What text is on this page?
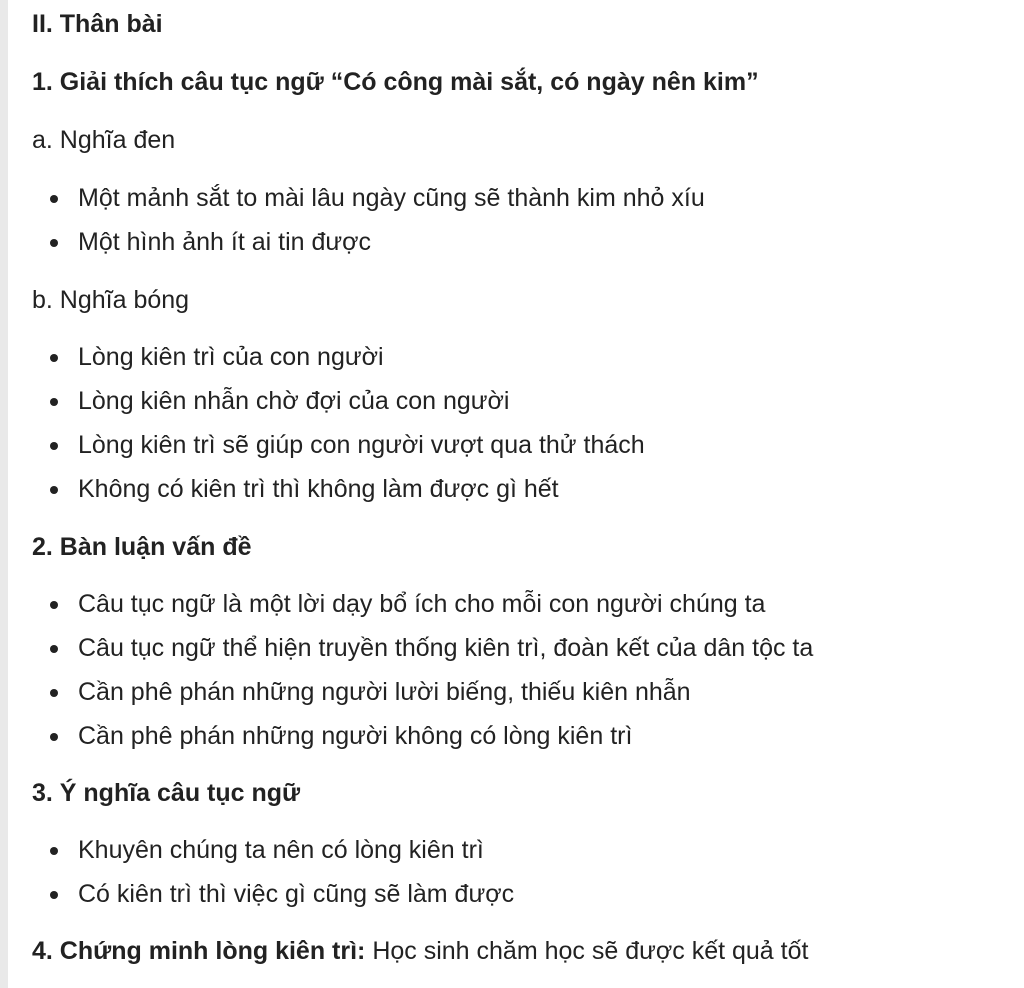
II. Thân bài
1. Giải thích câu tục ngữ “Có công mài sắt, có ngày nên kim”

a. Nghĩa đen

Một mảnh sắt to mài lâu ngày cũng sẽ thành kim nhỏ xíu
Một hình ảnh ít ai tin được

b. Nghĩa bóng

Lòng kiên trì của con người
Lòng kiên nhẫn chờ đợi của con người
Lòng kiên trì sẽ giúp con người vượt qua thử thách
Không có kiên trì thì không làm được gì hết
2. Bàn luận vấn đề
Câu tục ngữ là một lời dạy bổ ích cho mỗi con người chúng ta
Câu tục ngữ thể hiện truyền thống kiên trì, đoàn kết của dân tộc ta
Cần phê phán những người lười biếng, thiếu kiên nhẫn
Cần phê phán những người không có lòng kiên trì
3. Ý nghĩa câu tục ngữ
Khuyên chúng ta nên có lòng kiên trì
Có kiên trì thì việc gì cũng sẽ làm được

4. Chứng minh lòng kiên trì: Học sinh chăm học sẽ được kết quả tốt
